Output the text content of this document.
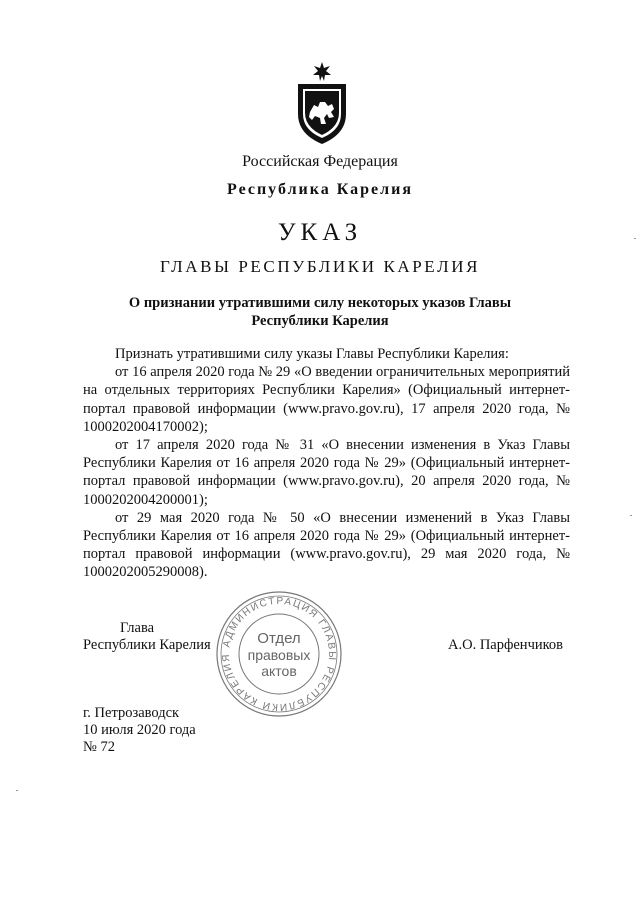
Российская Федерация
Республика Карелия
УКАЗ
ГЛАВЫ РЕСПУБЛИКИ КАРЕЛИЯ
О признании утратившими силу некоторых указов Главы
Республики Карелия

Признать утратившими силу указы Главы Республики Карелия:

от 16 апреля 2020 года № 29 «О введении ограничительных мероприятий на отдельных территориях Республики Карелия» (Официальный интернет-портал правовой информации (www.pravo.gov.ru), 17 апреля 2020 года, № 1000202004170002);

от 17 апреля 2020 года № 31 «О внесении изменения в Указ Главы Республики Карелия от 16 апреля 2020 года № 29» (Официальный интернет-портал правовой информации (www.pravo.gov.ru), 20 апреля 2020 года, № 1000202004200001);

от 29 мая 2020 года № 50 «О внесении изменений в Указ Главы Республики Карелия от 16 апреля 2020 года № 29» (Официальный интернет-портал правовой информации (www.pravo.gov.ru), 29 мая 2020 года, № 1000202005290008).

Глава
Республики Карелия	А.О. Парфенчиков
АДМИНИСТРАЦИЯ ГЛАВЫ РЕСПУБЛИКИ КАРЕЛИЯ
Отдел
правовых
актов
г. Петрозаводск
10 июля 2020 года
№ 72
